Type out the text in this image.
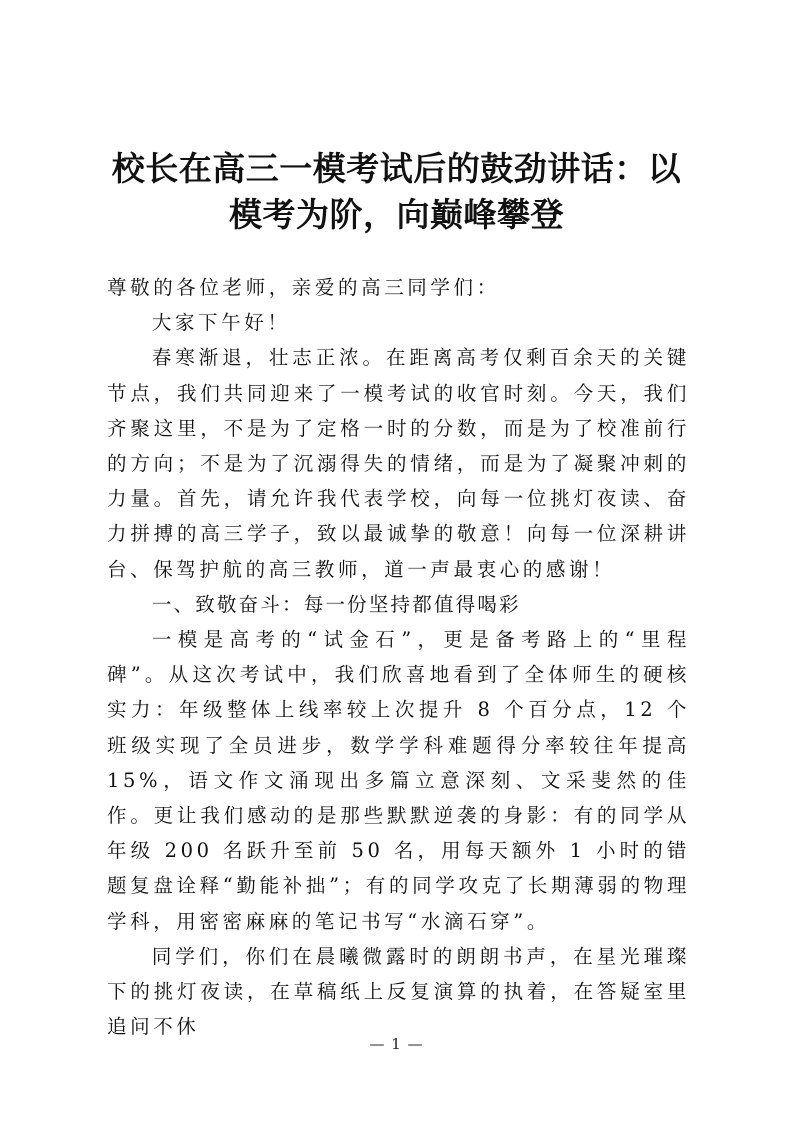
校长在高三一模考试后的鼓劲讲话：以模考为阶，向巅峰攀登

尊敬的各位老师，亲爱的高三同学们：

大家下午好！

春寒渐退，壮志正浓。在距离高考仅剩百余天的关键节点，我们共同迎来了一模考试的收官时刻。今天，我们齐聚这里，不是为了定格一时的分数，而是为了校准前行的方向；不是为了沉溺得失的情绪，而是为了凝聚冲刺的力量。首先，请允许我代表学校，向每一位挑灯夜读、奋力拼搏的高三学子，致以最诚挚的敬意！向每一位深耕讲台、保驾护航的高三教师，道一声最衷心的感谢！

一、致敬奋斗：每一份坚持都值得喝彩

一模是高考的“试金石”，更是备考路上的“里程碑”。从这次考试中，我们欣喜地看到了全体师生的硬核实力：年级整体上线率较上次提升 8 个百分点，12 个班级实现了全员进步，数学学科难题得分率较往年提高 15%，语文作文涌现出多篇立意深刻、文采斐然的佳作。更让我们感动的是那些默默逆袭的身影：有的同学从年级 200 名跃升至前 50 名，用每天额外 1 小时的错题复盘诠释“勤能补拙”；有的同学攻克了长期薄弱的物理学科，用密密麻麻的笔记书写“水滴石穿”。

同学们，你们在晨曦微露时的朗朗书声，在星光璀璨下的挑灯夜读，在草稿纸上反复演算的执着，在答疑室里追问不休

— 1 —
